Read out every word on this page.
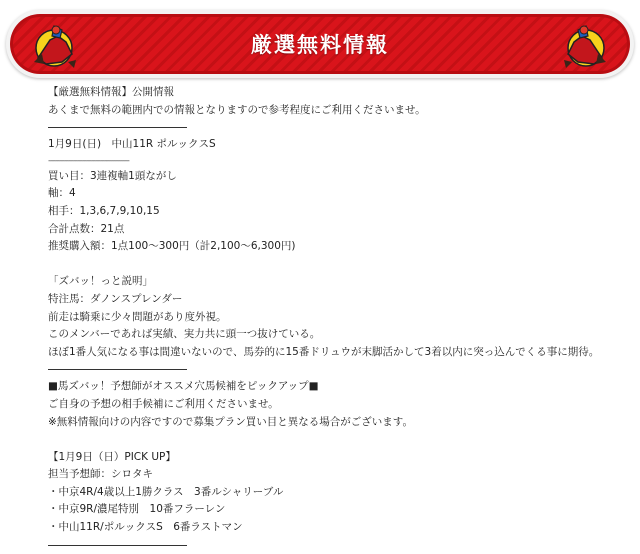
厳選無料情報
【厳選無料情報】公開情報
あくまで無料の範囲内での情報となりますので参考程度にご利用くださいませ。
1月9日(日)　中山11R ポルックスS
------------------------------------
買い目：3連複軸1頭ながし
軸：4
相手：1,3,6,7,9,10,15
合計点数：21点
推奨購入額：1点100〜300円（計2,100〜6,300円)
「ズバッ！っと説明」
特注馬：ダノンスプレンダー
前走は騎乗に少々問題があり度外視。
このメンバーであれば実績、実力共に頭一つ抜けている。
ほぼ1番人気になる事は間違いないので、馬券的に15番ドリュウが末脚活かして3着以内に突っ込んでくる事に期待。
■馬ズバッ！予想師がオススメ穴馬候補をピックアップ■
ご自身の予想の相手候補にご利用くださいませ。
※無料情報向けの内容ですので募集プラン買い目と異なる場合がございます。
【1月9日（日）PICK UP】
担当予想師：シロタキ
・中京4R/4歳以上1勝クラス　3番ルシャリーブル
・中京9R/濃尾特別　10番フラーレン
・中山11R/ポルックスS　6番ラストマン
